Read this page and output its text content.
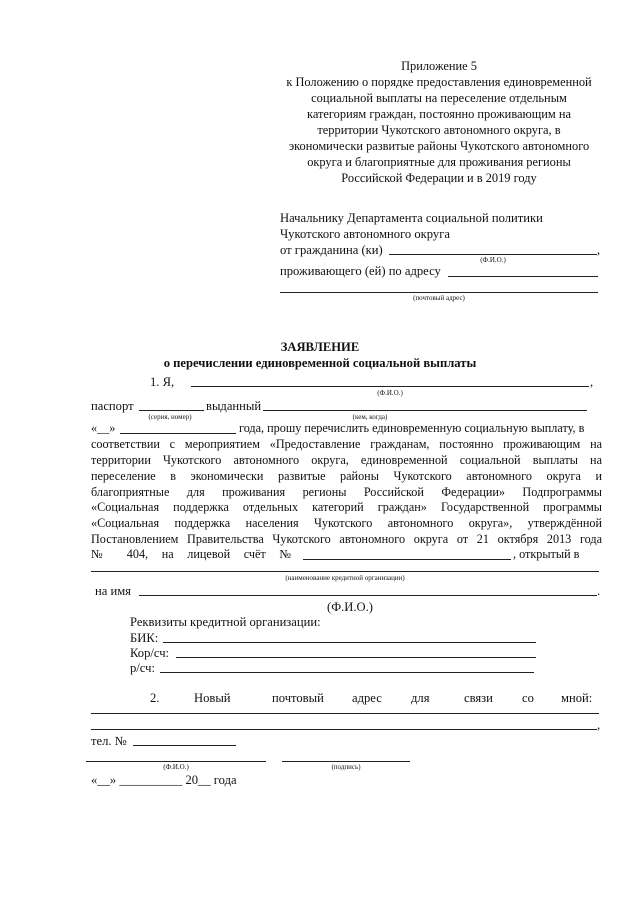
Приложение 5
к Положению о порядке предоставления единовременной
социальной выплаты на переселение отдельным
категориям граждан, постоянно проживающим на
территории Чукотского автономного округа, в
экономически развитые районы Чукотского автономного
округа и благоприятные для проживания регионы
Российской Федерации и в 2019 году
Начальнику Департамента социальной политики
Чукотского автономного округа
от гражданина (ки)	,
(Ф.И.О.)
проживающего (ей) по адресу
(почтовый адрес)
ЗАЯВЛЕНИЕ
о перечислении единовременной социальной выплаты
1. Я,	,
(Ф.И.О.)
паспорт	выданный
(серия, номер)	(кем, когда)
«__»	года, прошу перечислить единовременную социальную выплату, в
соответствии с мероприятием «Предоставление гражданам, постоянно проживающим на
территории Чукотского автономного округа, единовременной социальной выплаты на
переселение в экономически развитые районы Чукотского автономного округа и
благоприятные для проживания регионы Российской Федерации» Подпрограммы
«Социальная поддержка отдельных категорий граждан» Государственной программы
«Социальная поддержка населения Чукотского автономного округа», утверждённой
Постановлением Правительства Чукотского автономного округа от 21 октября 2013 года
№ 404, на лицевой счёт №	, открытый в
(наименование кредитной организации)
на имя	.
(Ф.И.О.)
Реквизиты кредитной организации:
БИК:
Кор/сч:
р/сч:
2.	Новый	почтовый адрес для	связи со мной:
,
тел. №
(Ф.И.О.)	(подпись)
«__» __________ 20__ года
